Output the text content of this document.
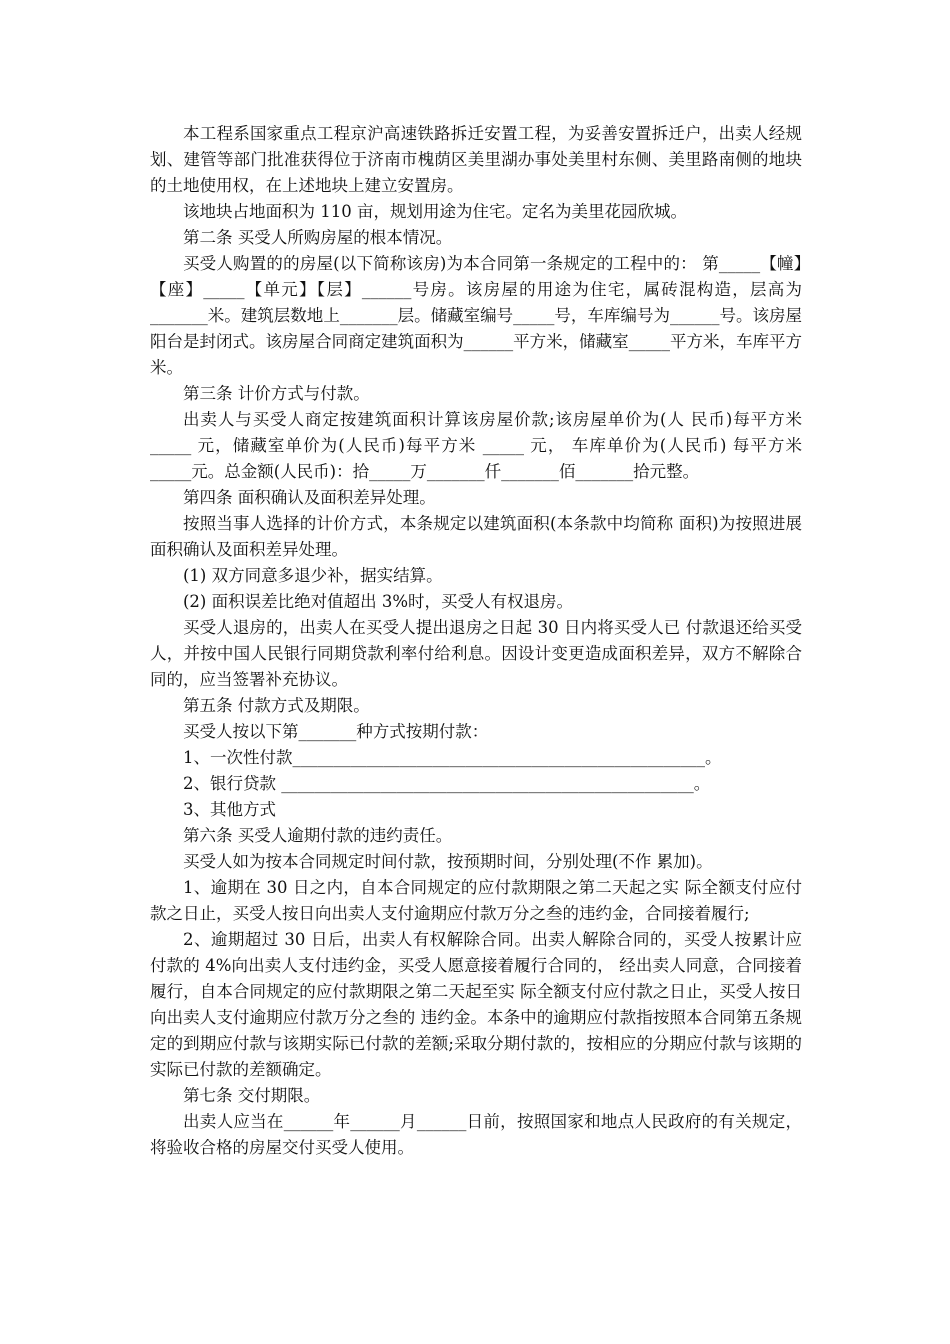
本工程系国家重点工程京沪高速铁路拆迁安置工程，为妥善安置拆迁户，出卖人经规划、建管等部门批准获得位于济南市槐荫区美里湖办事处美里村东侧、美里路南侧的地块的土地使用权，在上述地块上建立安置房。

该地块占地面积为 110 亩，规划用途为住宅。定名为美里花园欣城。

第二条 买受人所购房屋的根本情况。

买受人购置的的房屋(以下简称该房)为本合同第一条规定的工程中的： 第_____【幢】【座】_____【单元】【层】______号房。该房屋的用途为住宅，属砖混构造，层高为_______米。建筑层数地上_______层。储藏室编号_____号，车库编号为______号。该房屋阳台是封闭式。该房屋合同商定建筑面积为______平方米，储藏室_____平方米，车库平方米。

第三条 计价方式与付款。

出卖人与买受人商定按建筑面积计算该房屋价款;该房屋单价为(人 民币)每平方米_____ 元，储藏室单价为(人民币)每平方米 _____ 元， 车库单价为(人民币) 每平方米_____元。总金额(人民币)：拾_____万_______仟_______佰_______拾元整。

第四条 面积确认及面积差异处理。

按照当事人选择的计价方式，本条规定以建筑面积(本条款中均简称 面积)为按照进展面积确认及面积差异处理。

(1) 双方同意多退少补，据实结算。

(2) 面积误差比绝对值超出 3%时，买受人有权退房。

买受人退房的，出卖人在买受人提出退房之日起 30 日内将买受人已 付款退还给买受人，并按中国人民银行同期贷款利率付给利息。因设计变更造成面积差异，双方不解除合同的，应当签署补充协议。

第五条 付款方式及期限。

买受人按以下第_______种方式按期付款：

1、一次性付款__________________________________________________。

2、银行贷款 __________________________________________________。

3、其他方式

第六条 买受人逾期付款的违约责任。

买受人如为按本合同规定时间付款，按预期时间，分别处理(不作 累加)。

1、逾期在 30 日之内，自本合同规定的应付款期限之第二天起之实 际全额支付应付款之日止，买受人按日向出卖人支付逾期应付款万分之叁的违约金，合同接着履行;

2、逾期超过 30 日后，出卖人有权解除合同。出卖人解除合同的，买受人按累计应付款的 4%向出卖人支付违约金，买受人愿意接着履行合同的， 经出卖人同意，合同接着履行，自本合同规定的应付款期限之第二天起至实 际全额支付应付款之日止，买受人按日向出卖人支付逾期应付款万分之叁的 违约金。本条中的逾期应付款指按照本合同第五条规定的到期应付款与该期实际已付款的差额;采取分期付款的，按相应的分期应付款与该期的实际已付款的差额确定。

第七条 交付期限。

出卖人应当在______年______月______日前，按照国家和地点人民政府的有关规定，将验收合格的房屋交付买受人使用。
